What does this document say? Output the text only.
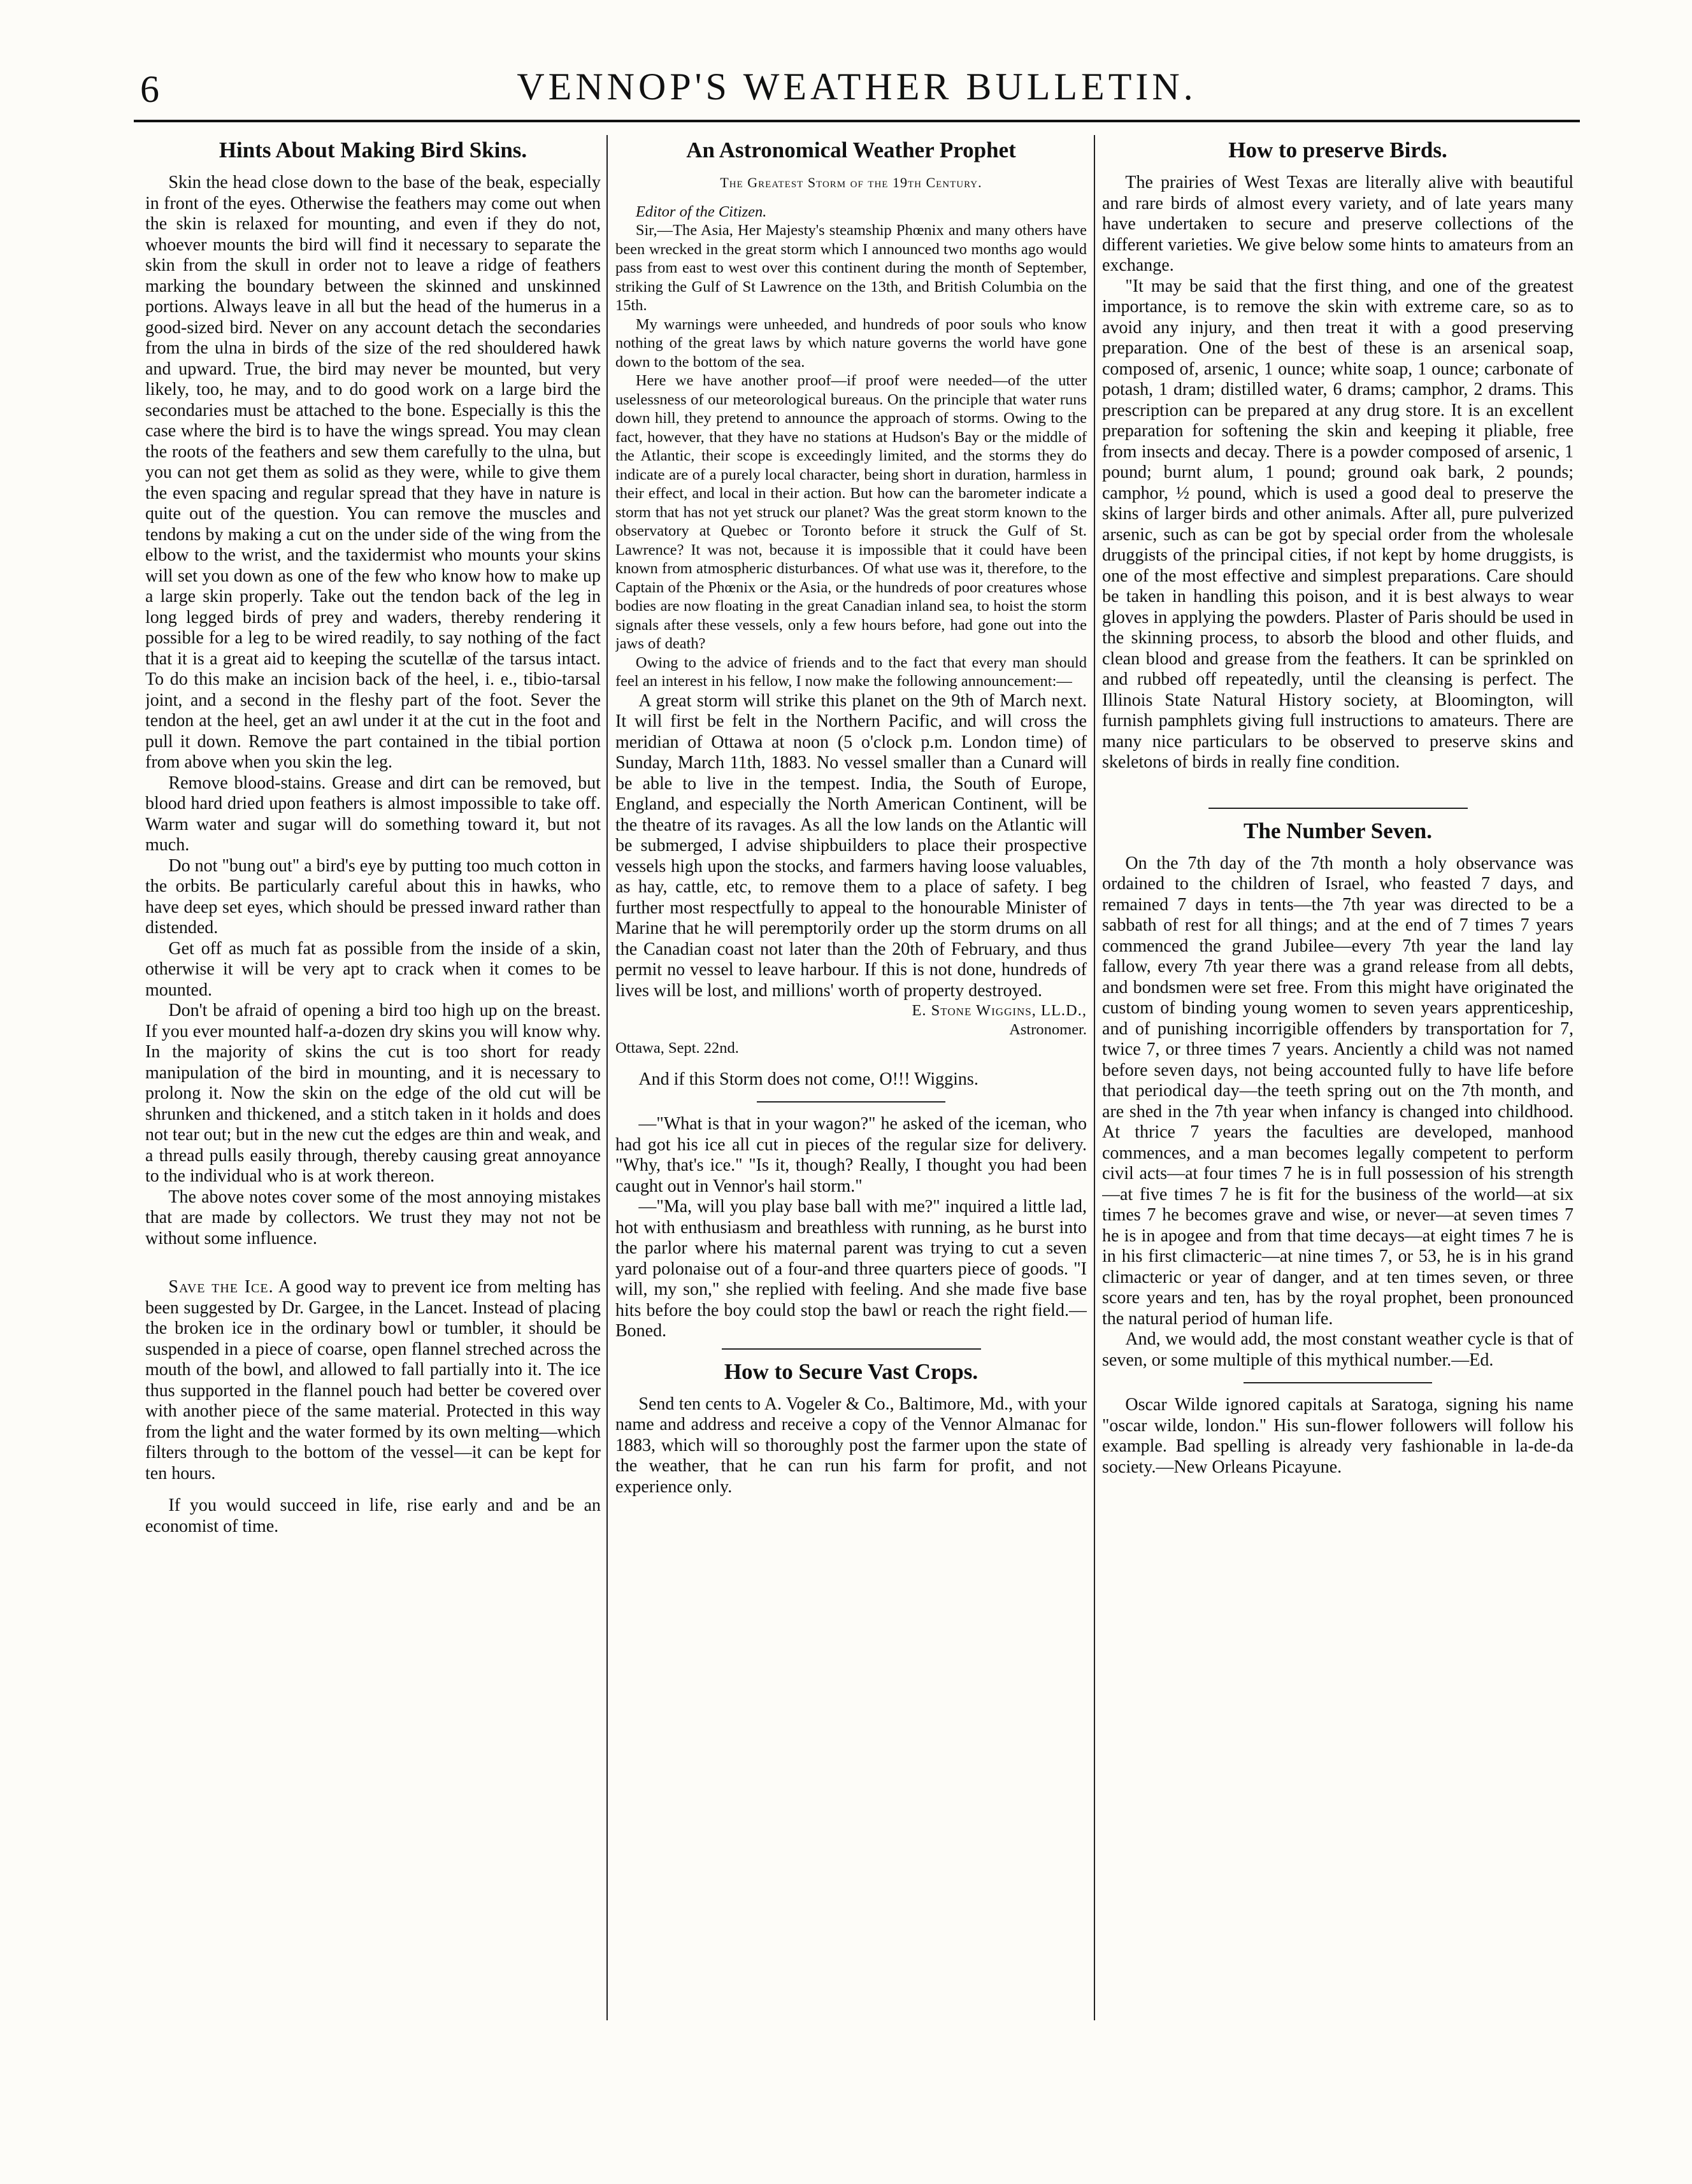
6	VENNOP'S WEATHER BULLETIN.
Hints About Making Bird Skins.

Skin the head close down to the base of the beak, especially in front of the eyes. Otherwise the feathers may come out when the skin is relaxed for mounting, and even if they do not, whoever mounts the bird will find it necessary to separate the skin from the skull in order not to leave a ridge of feathers marking the boundary between the skinned and unskinned portions. Always leave in all but the head of the humerus in a good-sized bird. Never on any account detach the secondaries from the ulna in birds of the size of the red shouldered hawk and upward. True, the bird may never be mounted, but very likely, too, he may, and to do good work on a large bird the secondaries must be attached to the bone. Especially is this the case where the bird is to have the wings spread. You may clean the roots of the feathers and sew them carefully to the ulna, but you can not get them as solid as they were, while to give them the even spacing and regular spread that they have in nature is quite out of the question. You can remove the muscles and tendons by making a cut on the under side of the wing from the elbow to the wrist, and the taxidermist who mounts your skins will set you down as one of the few who know how to make up a large skin properly. Take out the tendon back of the leg in long legged birds of prey and waders, thereby rendering it possible for a leg to be wired readily, to say nothing of the fact that it is a great aid to keeping the scutellæ of the tarsus intact. To do this make an incision back of the heel, i. e., tibio-tarsal joint, and a second in the fleshy part of the foot. Sever the tendon at the heel, get an awl under it at the cut in the foot and pull it down. Remove the part contained in the tibial portion from above when you skin the leg.

Remove blood-stains. Grease and dirt can be removed, but blood hard dried upon feathers is almost impossible to take off. Warm water and sugar will do something toward it, but not much.

Do not "bung out" a bird's eye by putting too much cotton in the orbits. Be particularly careful about this in hawks, who have deep set eyes, which should be pressed inward rather than distended.

Get off as much fat as possible from the inside of a skin, otherwise it will be very apt to crack when it comes to be mounted.

Don't be afraid of opening a bird too high up on the breast. If you ever mounted half-a-dozen dry skins you will know why. In the majority of skins the cut is too short for ready manipulation of the bird in mounting, and it is necessary to prolong it. Now the skin on the edge of the old cut will be shrunken and thickened, and a stitch taken in it holds and does not tear out; but in the new cut the edges are thin and weak, and a thread pulls easily through, thereby causing great annoyance to the individual who is at work thereon.

The above notes cover some of the most annoying mistakes that are made by collectors. We trust they may not not be without some influence.

Save the Ice. A good way to prevent ice from melting has been suggested by Dr. Gargee, in the Lancet. Instead of placing the broken ice in the ordinary bowl or tumbler, it should be suspended in a piece of coarse, open flannel streched across the mouth of the bowl, and allowed to fall partially into it. The ice thus supported in the flannel pouch had better be covered over with another piece of the same material. Protected in this way from the light and the water formed by its own melting—which filters through to the bottom of the vessel—it can be kept for ten hours.

If you would succeed in life, rise early and and be an economist of time.

An Astronomical Weather Prophet

The Greatest Storm of the 19th Century.

Editor of the Citizen.

Sir,—The Asia, Her Majesty's steamship Phœnix and many others have been wrecked in the great storm which I announced two months ago would pass from east to west over this continent during the month of September, striking the Gulf of St Lawrence on the 13th, and British Columbia on the 15th.

My warnings were unheeded, and hundreds of poor souls who know nothing of the great laws by which nature governs the world have gone down to the bottom of the sea.

Here we have another proof—if proof were needed—of the utter uselessness of our meteorological bureaus. On the principle that water runs down hill, they pretend to announce the approach of storms. Owing to the fact, however, that they have no stations at Hudson's Bay or the middle of the Atlantic, their scope is exceedingly limited, and the storms they do indicate are of a purely local character, being short in duration, harmless in their effect, and local in their action. But how can the barometer indicate a storm that has not yet struck our planet? Was the great storm known to the observatory at Quebec or Toronto before it struck the Gulf of St. Lawrence? It was not, because it is impossible that it could have been known from atmospheric disturbances. Of what use was it, therefore, to the Captain of the Phœnix or the Asia, or the hundreds of poor creatures whose bodies are now floating in the great Canadian inland sea, to hoist the storm signals after these vessels, only a few hours before, had gone out into the jaws of death?

Owing to the advice of friends and to the fact that every man should feel an interest in his fellow, I now make the following announcement:—

A great storm will strike this planet on the 9th of March next. It will first be felt in the Northern Pacific, and will cross the meridian of Ottawa at noon (5 o'clock p.m. London time) of Sunday, March 11th, 1883. No vessel smaller than a Cunard will be able to live in the tempest. India, the South of Europe, England, and especially the North American Continent, will be the theatre of its ravages. As all the low lands on the Atlantic will be submerged, I advise shipbuilders to place their prospective vessels high upon the stocks, and farmers having loose valuables, as hay, cattle, etc, to remove them to a place of safety. I beg further most respectfully to appeal to the honourable Minister of Marine that he will peremptorily order up the storm drums on all the Canadian coast not later than the 20th of February, and thus permit no vessel to leave harbour. If this is not done, hundreds of lives will be lost, and millions' worth of property destroyed.

E. Stone Wiggins, LL.D.,

Astronomer.

Ottawa, Sept. 22nd.

And if this Storm does not come, O!!! Wiggins.

—"What is that in your wagon?" he asked of the iceman, who had got his ice all cut in pieces of the regular size for delivery. "Why, that's ice." "Is it, though? Really, I thought you had been caught out in Vennor's hail storm."

—"Ma, will you play base ball with me?" inquired a little lad, hot with enthusiasm and breathless with running, as he burst into the parlor where his maternal parent was trying to cut a seven yard polonaise out of a four-and three quarters piece of goods. "I will, my son," she replied with feeling. And she made five base hits before the boy could stop the bawl or reach the right field.—Boned.

How to Secure Vast Crops.

Send ten cents to A. Vogeler & Co., Baltimore, Md., with your name and address and receive a copy of the Vennor Almanac for 1883, which will so thoroughly post the farmer upon the state of the weather, that he can run his farm for profit, and not experience only.

How to preserve Birds.

The prairies of West Texas are literally alive with beautiful and rare birds of almost every variety, and of late years many have undertaken to secure and preserve collections of the different varieties. We give below some hints to amateurs from an exchange.

"It may be said that the first thing, and one of the greatest importance, is to remove the skin with extreme care, so as to avoid any injury, and then treat it with a good preserving preparation. One of the best of these is an arsenical soap, composed of, arsenic, 1 ounce; white soap, 1 ounce; carbonate of potash, 1 dram; distilled water, 6 drams; camphor, 2 drams. This prescription can be prepared at any drug store. It is an excellent preparation for softening the skin and keeping it pliable, free from insects and decay. There is a powder composed of arsenic, 1 pound; burnt alum, 1 pound; ground oak bark, 2 pounds; camphor, ½ pound, which is used a good deal to preserve the skins of larger birds and other animals. After all, pure pulverized arsenic, such as can be got by special order from the wholesale druggists of the principal cities, if not kept by home druggists, is one of the most effective and simplest preparations. Care should be taken in handling this poison, and it is best always to wear gloves in applying the powders. Plaster of Paris should be used in the skinning process, to absorb the blood and other fluids, and clean blood and grease from the feathers. It can be sprinkled on and rubbed off repeatedly, until the cleansing is perfect. The Illinois State Natural History society, at Bloomington, will furnish pamphlets giving full instructions to amateurs. There are many nice particulars to be observed to preserve skins and skeletons of birds in really fine condition.

The Number Seven.

On the 7th day of the 7th month a holy observance was ordained to the children of Israel, who feasted 7 days, and remained 7 days in tents—the 7th year was directed to be a sabbath of rest for all things; and at the end of 7 times 7 years commenced the grand Jubilee—every 7th year the land lay fallow, every 7th year there was a grand release from all debts, and bondsmen were set free. From this might have originated the custom of binding young women to seven years apprenticeship, and of punishing incorrigible offenders by transportation for 7, twice 7, or three times 7 years. Anciently a child was not named before seven days, not being accounted fully to have life before that periodical day—the teeth spring out on the 7th month, and are shed in the 7th year when infancy is changed into childhood. At thrice 7 years the faculties are developed, manhood commences, and a man becomes legally competent to perform civil acts—at four times 7 he is in full possession of his strength—at five times 7 he is fit for the business of the world—at six times 7 he becomes grave and wise, or never—at seven times 7 he is in apogee and from that time decays—at eight times 7 he is in his first climacteric—at nine times 7, or 53, he is in his grand climacteric or year of danger, and at ten times seven, or three score years and ten, has by the royal prophet, been pronounced the natural period of human life.

And, we would add, the most constant weather cycle is that of seven, or some multiple of this mythical number.—Ed.

Oscar Wilde ignored capitals at Saratoga, signing his name "oscar wilde, london." His sun-flower followers will follow his example. Bad spelling is already very fashionable in la-de-da society.—New Orleans Picayune.
